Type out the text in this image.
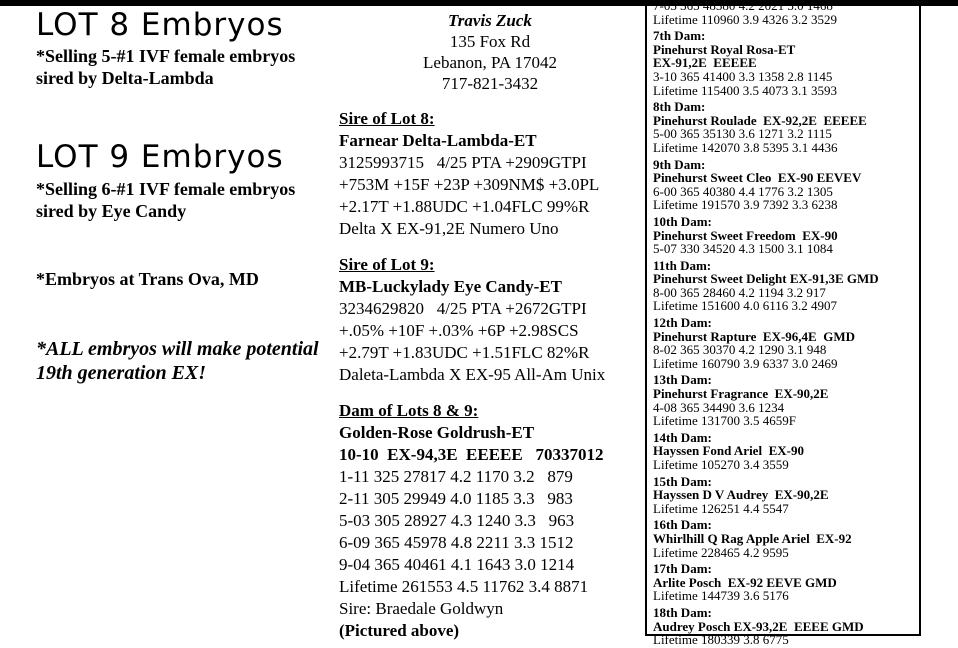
LOT 8 Embryos
*Selling 5-#1 IVF female embryos
sired by Delta-Lambda
LOT 9 Embryos
*Selling 6-#1 IVF female embryos
sired by Eye Candy
*Embryos at Trans Ova, MD
*ALL embryos will make potential
19th generation EX!
Travis Zuck
135 Fox Rd
Lebanon, PA 17042
717-821-3432
Sire of Lot 8:
Farnear Delta-Lambda-ET
3125993715   4/25 PTA +2909GTPI
+753M +15F +23P +309NM$ +3.0PL
+2.17T +1.88UDC +1.04FLC 99%R
Delta X EX-91,2E Numero Uno
Sire of Lot 9:
MB-Luckylady Eye Candy-ET
3234629820   4/25 PTA +2672GTPI
+.05% +10F +.03% +6P +2.98SCS
+2.79T +1.83UDC +1.51FLC 82%R
Daleta-Lambda X EX-95 All-Am Unix
Dam of Lots 8 & 9:
Golden-Rose Goldrush-ET
10-10  EX-94,3E  EEEEE   70337012
1-11 325 27817 4.2 1170 3.2   879
2-11 305 29949 4.0 1185 3.3   983
5-03 305 28927 4.3 1240 3.3   963
6-09 365 45978 4.8 2211 3.3 1512
9-04 365 40461 4.1 1643 3.0 1214
Lifetime 261553 4.5 11762 3.4 8871
Sire: Braedale Goldwyn
(Pictured above)
7-05 365 48580 4.2 2021 3.0 1468
Lifetime 110960 3.9 4326 3.2 3529
7th Dam:
Pinehurst Royal Rosa-ET
EX-91,2E  EEEEE
3-10 365 41400 3.3 1358 2.8 1145
Lifetime 115400 3.5 4073 3.1 3593
8th Dam:
Pinehurst Roulade  EX-92,2E  EEEEE
5-00 365 35130 3.6 1271 3.2 1115
Lifetime 142070 3.8 5395 3.1 4436
9th Dam:
Pinehurst Sweet Cleo  EX-90 EEVEV
6-00 365 40380 4.4 1776 3.2 1305
Lifetime 191570 3.9 7392 3.3 6238
10th Dam:
Pinehurst Sweet Freedom  EX-90
5-07 330 34520 4.3 1500 3.1 1084
11th Dam:
Pinehurst Sweet Delight EX-91,3E GMD
8-00 365 28460 4.2 1194 3.2 917
Lifetime 151600 4.0 6116 3.2 4907
12th Dam:
Pinehurst Rapture  EX-96,4E  GMD
8-02 365 30370 4.2 1290 3.1 948
Lifetime 160790 3.9 6337 3.0 2469
13th Dam:
Pinehurst Fragrance  EX-90,2E
4-08 365 34490 3.6 1234
Lifetime 131700 3.5 4659F
14th Dam:
Hayssen Fond Ariel  EX-90
Lifetime 105270 3.4 3559
15th Dam:
Hayssen D V Audrey  EX-90,2E
Lifetime 126251 4.4 5547
16th Dam:
Whirlhill Q Rag Apple Ariel  EX-92
Lifetime 228465 4.2 9595
17th Dam:
Arlite Posch  EX-92 EEVE GMD
Lifetime 144739 3.6 5176
18th Dam:
Audrey Posch EX-93,2E  EEEE GMD
Lifetime 180339 3.8 6775
